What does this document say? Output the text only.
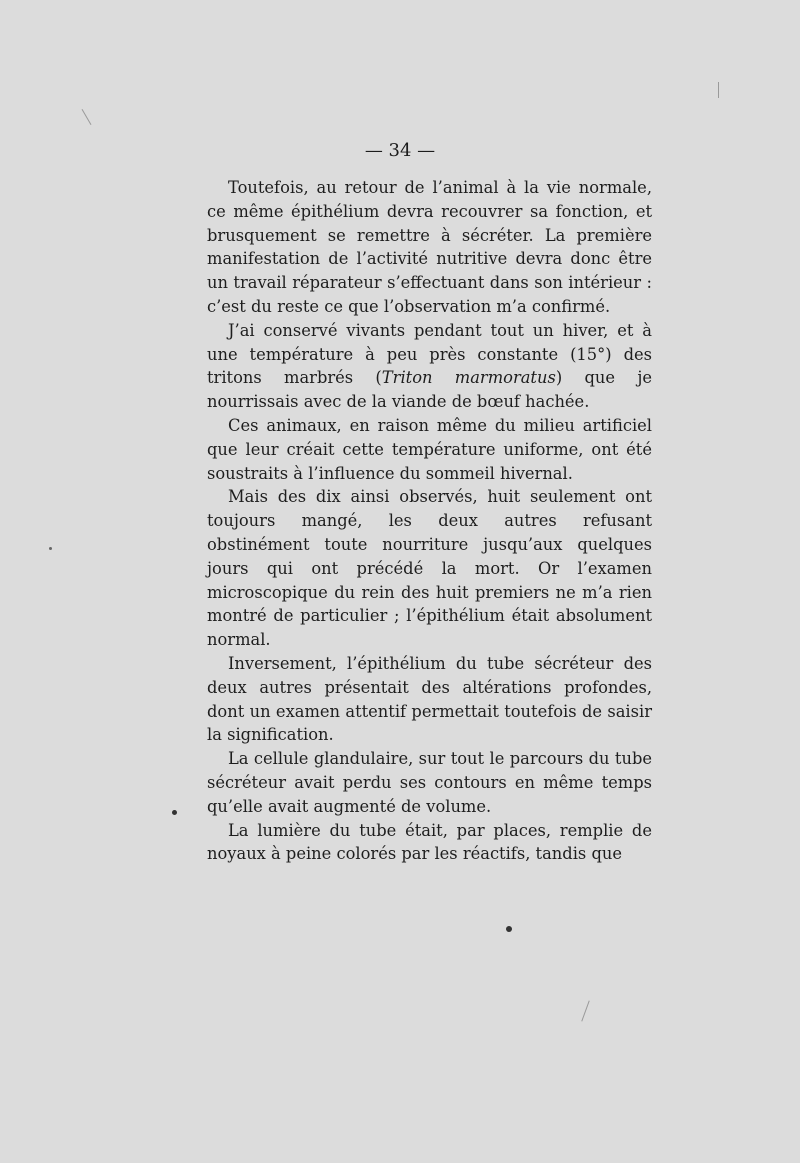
— 34 —

Toutefois, au retour de l’animal à la vie normale, ce même épithélium devra recouvrer sa fonction, et brusquement se remettre à sécréter. La première manifestation de l’activité nutritive devra donc être un travail réparateur s’effectuant dans son intérieur : c’est du reste ce que l’observation m’a confirmé.

J’ai conservé vivants pendant tout un hiver, et à une température à peu près constante (15°) des tritons marbrés (Triton marmoratus) que je nourrissais avec de la viande de bœuf hachée.

Ces animaux, en raison même du milieu artificiel que leur créait cette température uniforme, ont été soustraits à l’influence du sommeil hivernal.

Mais des dix ainsi observés, huit seulement ont toujours mangé, les deux autres refusant obstinément toute nourriture jusqu’aux quelques jours qui ont précédé la mort. Or l’examen microscopique du rein des huit premiers ne m’a rien montré de particulier ; l’épithélium était absolument normal.

Inversement, l’épithélium du tube sécréteur des deux autres présentait des altérations profondes, dont un examen attentif permettait toutefois de saisir la signification.

La cellule glandulaire, sur tout le parcours du tube sécréteur avait perdu ses contours en même temps qu’elle avait augmenté de volume.

La lumière du tube était, par places, remplie de noyaux à peine colorés par les réactifs, tandis que
